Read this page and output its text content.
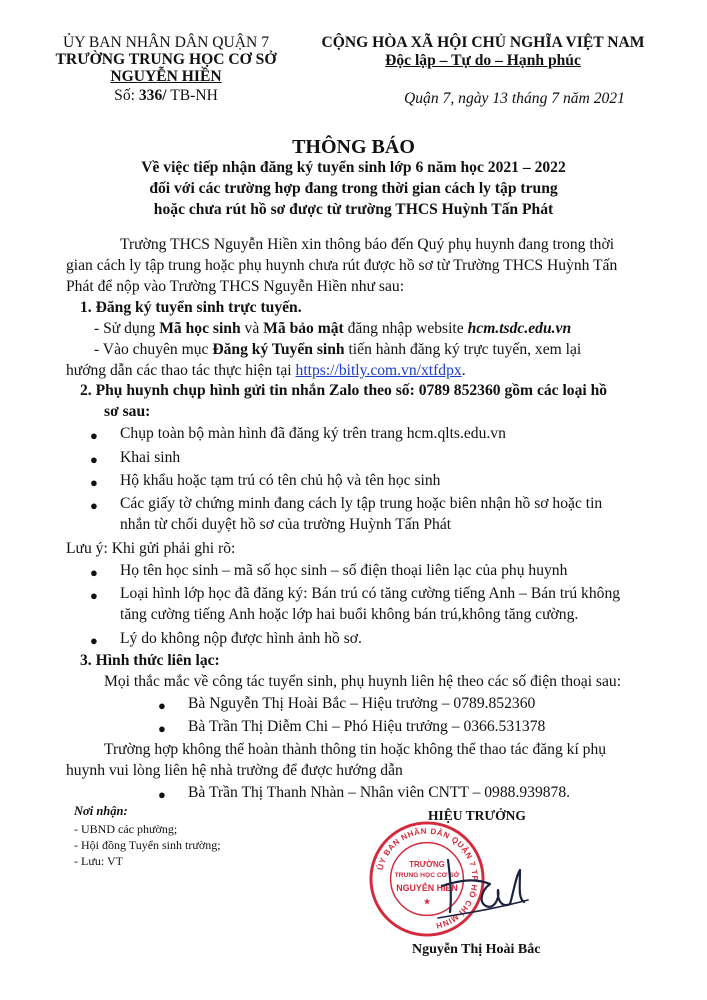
ỦY BAN NHÂN DÂN QUẬN 7
TRƯỜNG TRUNG HỌC CƠ SỞ
NGUYỄN HIỀN
Số: 336/ TB-NH
CỘNG HÒA XÃ HỘI CHỦ NGHĨA VIỆT NAM
Độc lập – Tự do – Hạnh phúc
Quận 7, ngày 13 tháng 7 năm 2021
THÔNG BÁO
Về việc tiếp nhận đăng ký tuyển sinh lớp 6 năm học 2021 – 2022
đối với các trường hợp đang trong thời gian cách ly tập trung
hoặc chưa rút hồ sơ được từ trường THCS Huỳnh Tấn Phát
Trường THCS Nguyễn Hiền xin thông báo đến Quý phụ huynh đang trong thời
gian cách ly tập trung hoặc phụ huynh chưa rút được hồ sơ từ Trường THCS Huỳnh Tấn
Phát để nộp vào Trường THCS Nguyễn Hiền như sau:
1. Đăng ký tuyển sinh trực tuyến.
- Sử dụng Mã học sinh và Mã bảo mật đăng nhập website hcm.tsdc.edu.vn
- Vào chuyên mục Đăng ký Tuyển sinh tiến hành đăng ký trực tuyến, xem lại
hướng dẫn các thao tác thực hiện tại https://bitly.com.vn/xtfdpx.
2. Phụ huynh chụp hình gửi tin nhắn Zalo theo số: 0789 852360 gồm các loại hồ
sơ sau:
● Chụp toàn bộ màn hình đã đăng ký trên trang hcm.qlts.edu.vn
● Khai sinh
● Hộ khẩu hoặc tạm trú có tên chủ hộ và tên học sinh
● Các giấy tờ chứng minh đang cách ly tập trung hoặc biên nhận hồ sơ hoặc tin
nhắn từ chối duyệt hồ sơ của trường Huỳnh Tấn Phát
Lưu ý: Khi gửi phải ghi rõ:
● Họ tên học sinh – mã số học sinh – số điện thoại liên lạc của phụ huynh
● Loại hình lớp học đã đăng ký: Bán trú có tăng cường tiếng Anh – Bán trú không
tăng cường tiếng Anh hoặc lớp hai buổi không bán trú,không tăng cường.
● Lý do không nộp được hình ảnh hồ sơ.
3. Hình thức liên lạc:
Mọi thắc mắc về công tác tuyển sinh, phụ huynh liên hệ theo các số điện thoại sau:
● Bà Nguyễn Thị Hoài Bắc – Hiệu trưởng – 0789.852360
● Bà Trần Thị Diễm Chi – Phó Hiệu trưởng – 0366.531378
Trường hợp không thể hoàn thành thông tin hoặc không thể thao tác đăng kí phụ
huynh vui lòng liên hệ nhà trường để được hướng dẫn
● Bà Trần Thị Thanh Nhàn – Nhân viên CNTT – 0988.939878.
Nơi nhận:
- UBND các phường;
- Hội đồng Tuyển sinh trường;
- Lưu: VT
HIỆU TRƯỞNG
ỦY BAN NHÂN DÂN QUẬN 7 TP HỒ CHÍ MINH
TRƯỜNG
TRUNG HỌC CƠ SỞ
NGUYỄN HIỀN
★
Nguyễn Thị Hoài Bắc
